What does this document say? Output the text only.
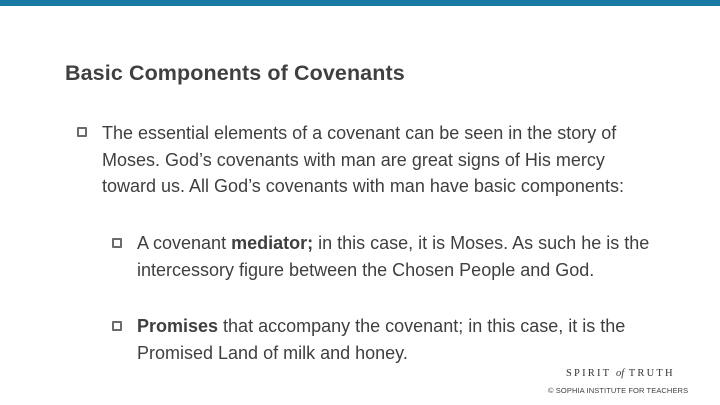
Basic Components of Covenants
The essential elements of a covenant can be seen in the story of Moses. God’s covenants with man are great signs of His mercy toward us. All God’s covenants with man have basic components:
A covenant mediator; in this case, it is Moses. As such he is the intercessory figure between the Chosen People and God.
Promises that accompany the covenant; in this case, it is the Promised Land of milk and honey.
SPIRIT of TRUTH
© SOPHIA INSTITUTE FOR TEACHERS
